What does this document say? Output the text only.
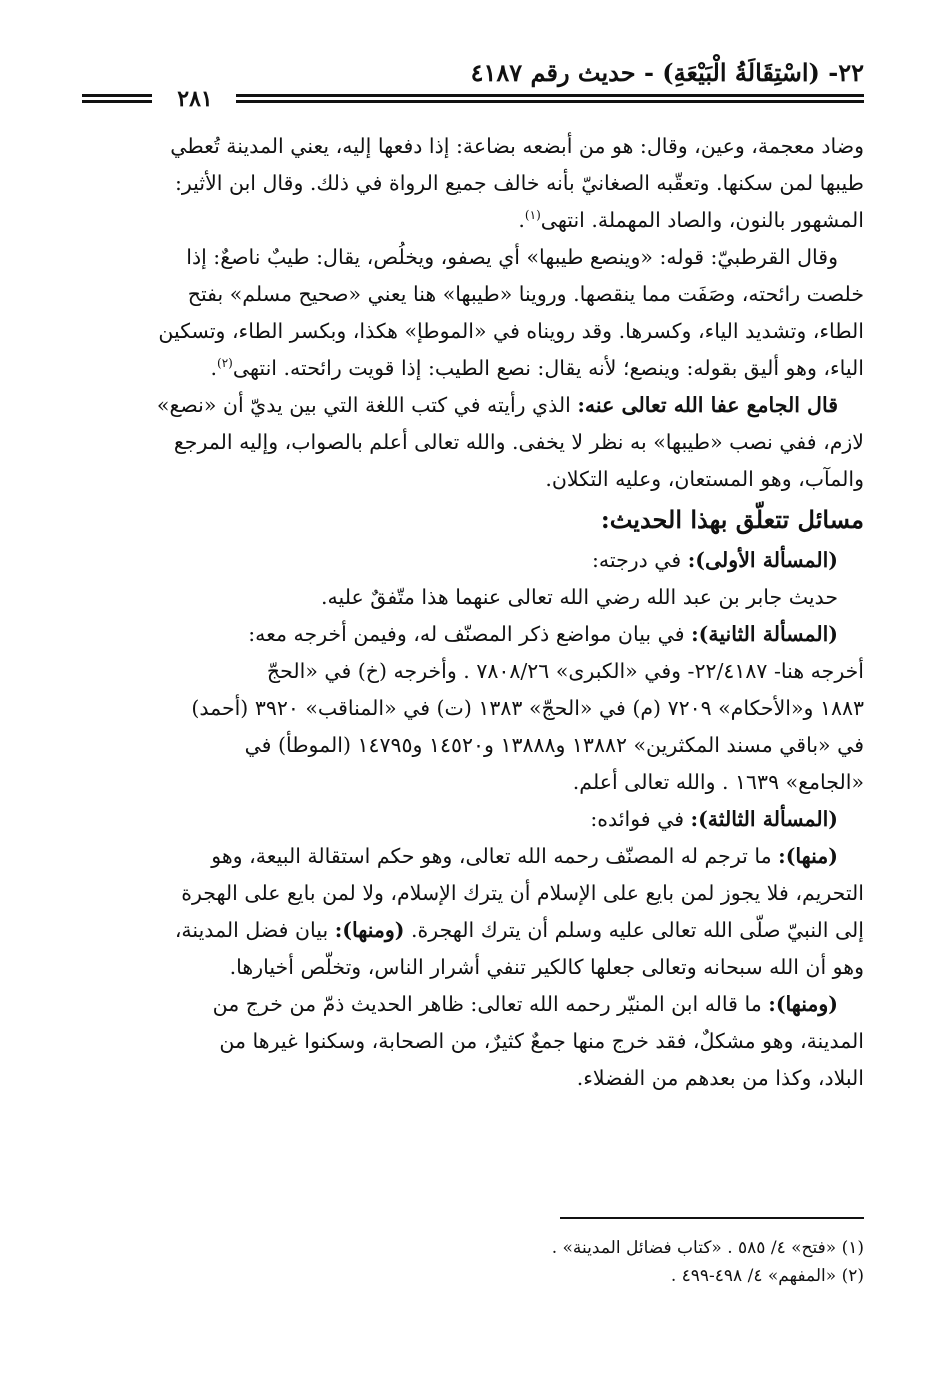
٢٢- (اسْتِقَالَةُ الْبَيْعَةِ) - حديث رقم ٤١٨٧
٢٨١
وضاد معجمة، وعين، وقال: هو من أبضعه بضاعة: إذا دفعها إليه، يعني المدينة تُعطي
طيبها لمن سكنها. وتعقّبه الصغانيّ بأنه خالف جميع الرواة في ذلك. وقال ابن الأثير:
المشهور بالنون، والصاد المهملة. انتهى$^{(١)}$.
وقال القرطبيّ: قوله: «وينصع طيبها» أي يصفو، ويخلُص، يقال: طيبٌ ناصعٌ: إذا
خلصت رائحته، وصَفَت مما ينقصها. وروينا «طيبها» هنا يعني «صحيح مسلم» بفتح
الطاء، وتشديد الياء، وكسرها. وقد رويناه في «الموطإ» هكذا، وبكسر الطاء، وتسكين
الياء، وهو أليق بقوله: وينصع؛ لأنه يقال: نصع الطيب: إذا قويت رائحته. انتهى$^{(٢)}$.
قال الجامع عفا الله تعالى عنه: الذي رأيته في كتب اللغة التي بين يديّ أن «نصع»
لازم، ففي نصب «طيبها» به نظر لا يخفى. والله تعالى أعلم بالصواب، وإليه المرجع
والمآب، وهو المستعان، وعليه التكلان.
مسائل تتعلّق بهذا الحديث:
(المسألة الأولى): في درجته:
حديث جابر بن عبد الله رضي الله تعالى عنهما هذا متّفقٌ عليه.
(المسألة الثانية): في بيان مواضع ذكر المصنّف له، وفيمن أخرجه معه:
أخرجه هنا- ٢٢/٤١٨٧- وفي «الكبرى» ٧٨٠٨/٢٦ . وأخرجه (خ) في «الحجّ
١٨٨٣ و«الأحكام» ٧٢٠٩ (م) في «الحجّ» ١٣٨٣ (ت) في «المناقب» ٣٩٢٠ (أحمد)
في «باقي مسند المكثرين» ١٣٨٨٢ و١٣٨٨٨ و١٤٥٢٠ و١٤٧٩٥ (الموطأ) في
«الجامع» ١٦٣٩ . والله تعالى أعلم.
(المسألة الثالثة): في فوائده:
(منها): ما ترجم له المصنّف رحمه الله تعالى، وهو حكم استقالة البيعة، وهو
التحريم، فلا يجوز لمن بايع على الإسلام أن يترك الإسلام، ولا لمن بايع على الهجرة
إلى النبيّ صلّى الله تعالى عليه وسلم أن يترك الهجرة. (ومنها): بيان فضل المدينة،
وهو أن الله سبحانه وتعالى جعلها كالكير تنفي أشرار الناس، وتخلّص أخيارها.
(ومنها): ما قاله ابن المنيّر رحمه الله تعالى: ظاهر الحديث ذمّ من خرج من
المدينة، وهو مشكلٌ، فقد خرج منها جمعٌ كثيرٌ، من الصحابة، وسكنوا غيرها من
البلاد، وكذا من بعدهم من الفضلاء.
(١) «فتح» ٤/ ٥٨٥ . «كتاب فضائل المدينة» .
(٢) «المفهم» ٤/ ٤٩٨-٤٩٩ .
